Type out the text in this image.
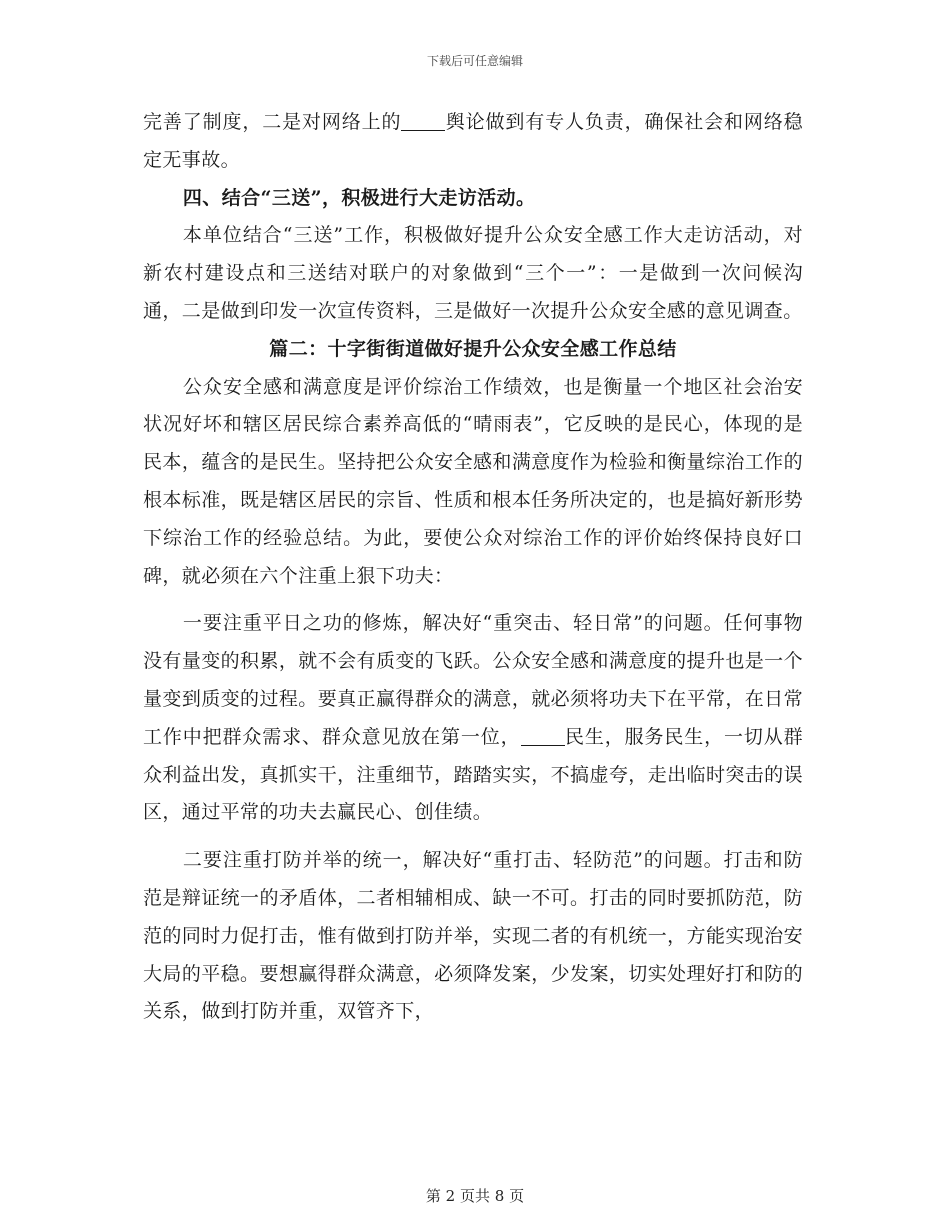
下载后可任意编辑

完善了制度，二是对网络上的 舆论做到有专人负责，确保社会和网络稳定无事故。

四、结合“三送”，积极进行大走访活动。

本单位结合“三送”工作，积极做好提升公众安全感工作大走访活动，对新农村建设点和三送结对联户的对象做到“三个一”：一是做到一次问候沟通，二是做到印发一次宣传资料，三是做好一次提升公众安全感的意见调查。

篇二：十字街街道做好提升公众安全感工作总结

公众安全感和满意度是评价综治工作绩效，也是衡量一个地区社会治安状况好坏和辖区居民综合素养高低的“晴雨表”，它反映的是民心，体现的是民本，蕴含的是民生。坚持把公众安全感和满意度作为检验和衡量综治工作的根本标准，既是辖区居民的宗旨、性质和根本任务所决定的，也是搞好新形势下综治工作的经验总结。为此，要使公众对综治工作的评价始终保持良好口碑，就必须在六个注重上狠下功夫：

一要注重平日之功的修炼，解决好“重突击、轻日常”的问题。任何事物没有量变的积累，就不会有质变的飞跃。公众安全感和满意度的提升也是一个量变到质变的过程。要真正赢得群众的满意，就必须将功夫下在平常，在日常工作中把群众需求、群众意见放在第一位， 民生，服务民生，一切从群众利益出发，真抓实干，注重细节，踏踏实实，不搞虚夸，走出临时突击的误区，通过平常的功夫去赢民心、创佳绩。

二要注重打防并举的统一，解决好“重打击、轻防范”的问题。打击和防范是辩证统一的矛盾体，二者相辅相成、缺一不可。打击的同时要抓防范，防范的同时力促打击，惟有做到打防并举，实现二者的有机统一，方能实现治安大局的平稳。要想赢得群众满意，必须降发案，少发案，切实处理好打和防的关系，做到打防并重，双管齐下，

第 2 页共 8 页
